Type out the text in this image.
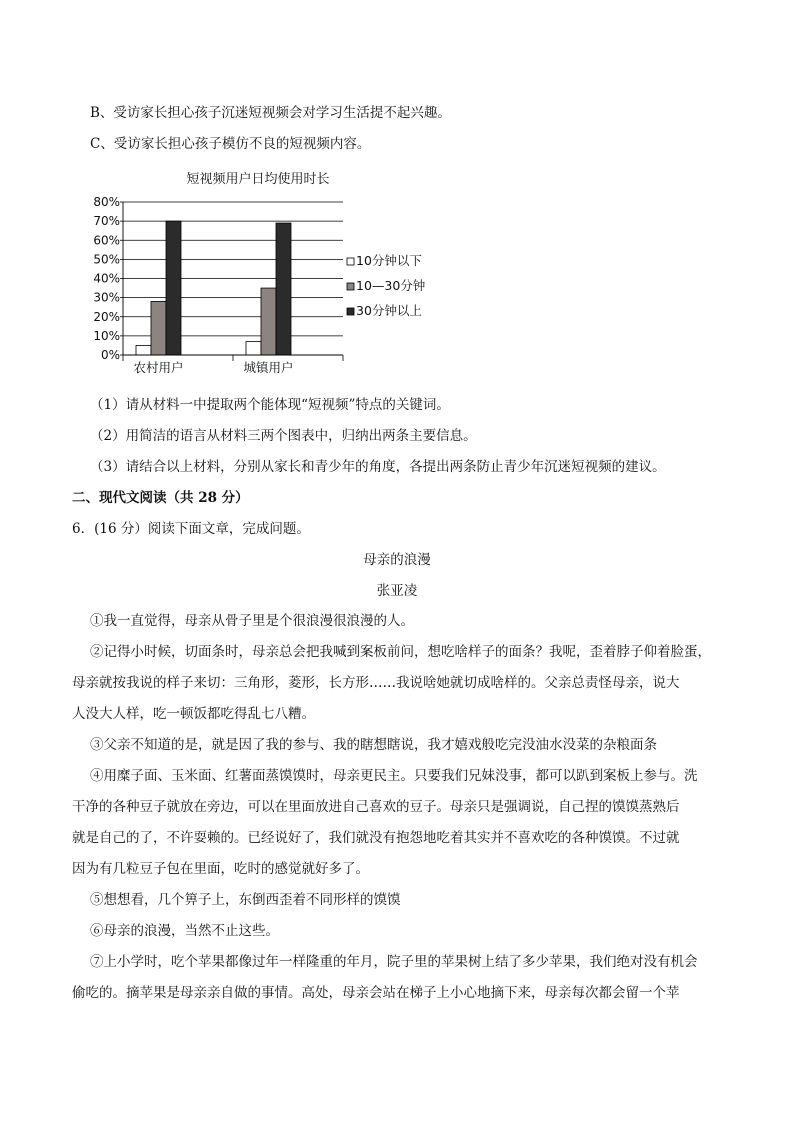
B、受访家长担心孩子沉迷短视频会对学习生活提不起兴趣。
C、受访家长担心孩子模仿不良的短视频内容。
短视频用户日均使用时长
0%
10%
20%
30%
40%
50%
60%
70%
80%
农村用户	城镇用户
10分钟以下
10—30分钟
30分钟以上
（1）请从材料一中提取两个能体现“短视频”特点的关键词。
（2）用简洁的语言从材料三两个图表中，归纳出两条主要信息。
（3）请结合以上材料，分别从家长和青少年的角度，各提出两条防止青少年沉迷短视频的建议。
二、现代文阅读（共 28 分）
6．(16 分）阅读下面文章，完成问题。
母亲的浪漫
张亚凌
①我一直觉得，母亲从骨子里是个很浪漫很浪漫的人。
②记得小时候，切面条时，母亲总会把我喊到案板前问，想吃啥样子的面条？我呢，歪着脖子仰着脸蛋，
母亲就按我说的样子来切：三角形，菱形，长方形……我说啥她就切成啥样的。父亲总责怪母亲，说大
人没大人样，吃一顿饭都吃得乱七八糟。
③父亲不知道的是，就是因了我的参与、我的瞎想瞎说，我才嬉戏般吃完没油水没菜的杂粮面条
④用糜子面、玉米面、红薯面蒸馍馍时，母亲更民主。只要我们兄妹没事，都可以趴到案板上参与。洗
干净的各种豆子就放在旁边，可以在里面放进自己喜欢的豆子。母亲只是强调说，自己捏的馍馍蒸熟后
就是自己的了，不许耍赖的。已经说好了，我们就没有抱怨地吃着其实并不喜欢吃的各种馍馍。不过就
因为有几粒豆子包在里面，吃时的感觉就好多了。
⑤想想看，几个箅子上，东倒西歪着不同形样的馍馍
⑥母亲的浪漫，当然不止这些。
⑦上小学时，吃个苹果都像过年一样隆重的年月，院子里的苹果树上结了多少苹果，我们绝对没有机会
偷吃的。摘苹果是母亲亲自做的事情。高处，母亲会站在梯子上小心地摘下来，母亲每次都会留一个苹
